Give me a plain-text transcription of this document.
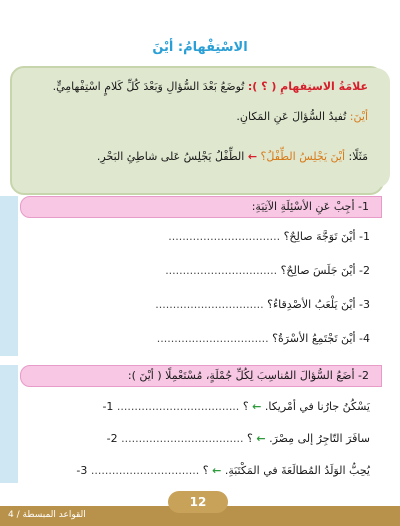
الاسْتِفْهامُ: أيْنَ
علامَةُ الاستِفهامِ ( ؟ ): تُوضَعُ بَعْدَ السُّؤالِ وَبَعْدَ كُلِّ كَلامٍ اسْتِفْهامِيٍّ.
أيْنَ: تُفيدُ السُّؤالَ عَنِ المَكانِ.
مَثَلًا: أيْنَ يَجْلِسُ الطِّفْلُ؟ ← الطِّفْلُ يَجْلِسُ عَلى شاطِئِ البَحْرِ.
1- أجِبْ عَنِ الأسْئِلَةِ الآتِيَةِ:
1- أيْنَ تَوَجَّهَ صالِحٌ؟ ................................
2- أيْنَ جَلَسَ صالِحٌ؟ ................................
3- أيْنَ يَلْعَبُ الأصْدِقاءُ؟ ...............................
4- أيْنَ تَجْتَمِعُ الأسْرَةُ؟ ................................
2- أضَعُ السُّؤالَ المُناسِبَ لِكُلِّ جُمْلَةٍ، مُسْتَعْمِلًا ( أيْنَ ):
يَسْكُنُ جارُنا في أمْريكا. ← ؟ ................................... 1-
سافَرَ التّاجِرُ إلى مِصْرَ. ← ؟ ................................... 2-
يُحِبُّ الوَلَدُ المُطالَعَةَ في المَكْتَبَةِ. ← ؟ ............................... 3-
القواعد المبسطة / 4
12
